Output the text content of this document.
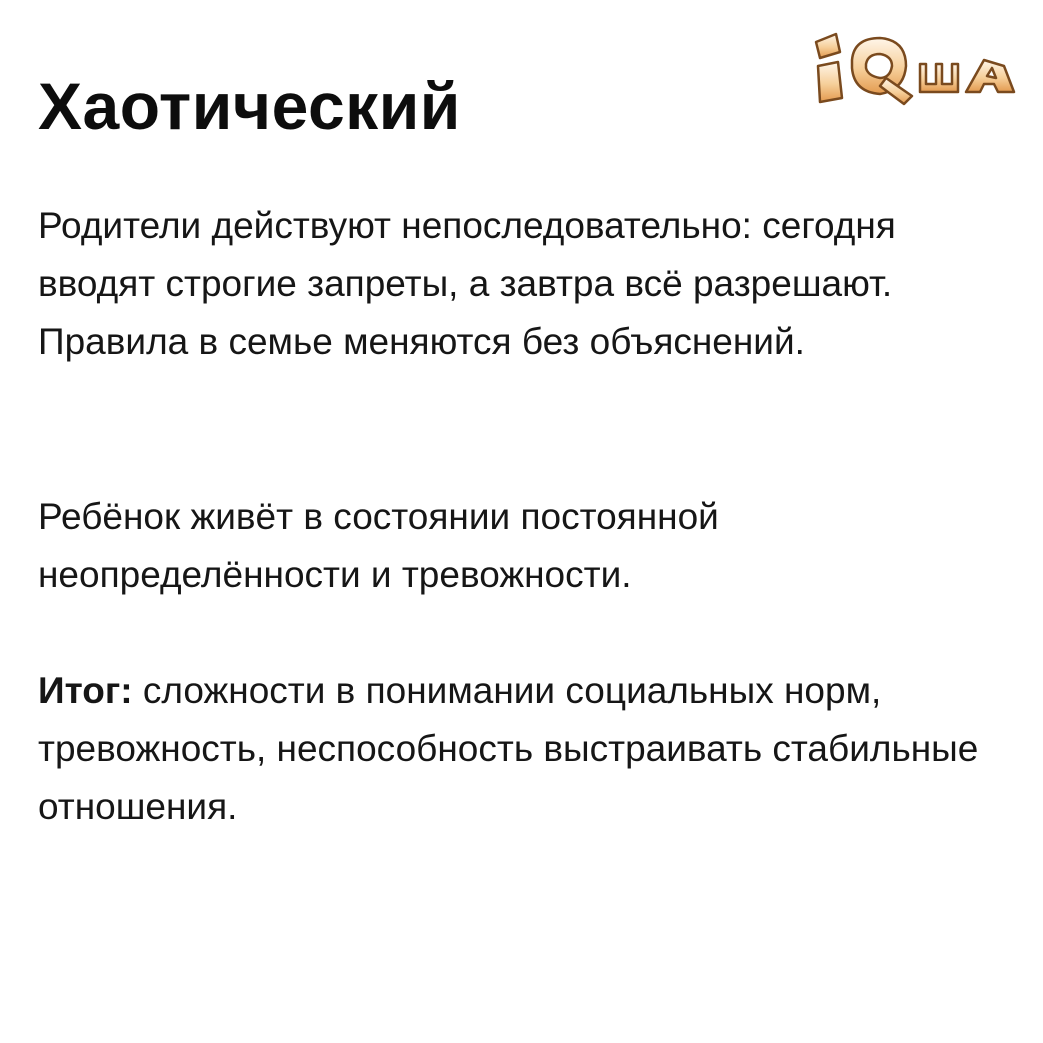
Хаотический

Родители действуют непоследовательно: сегодня вводят строгие запреты, а завтра всё разрешают. Правила в семье меняются без объяснений.

Ребёнок живёт в состоянии постоянной неопределённости и тревожности.

Итог: сложности в понимании социальных норм, тревожность, неспособность выстраивать стабильные отношения.
